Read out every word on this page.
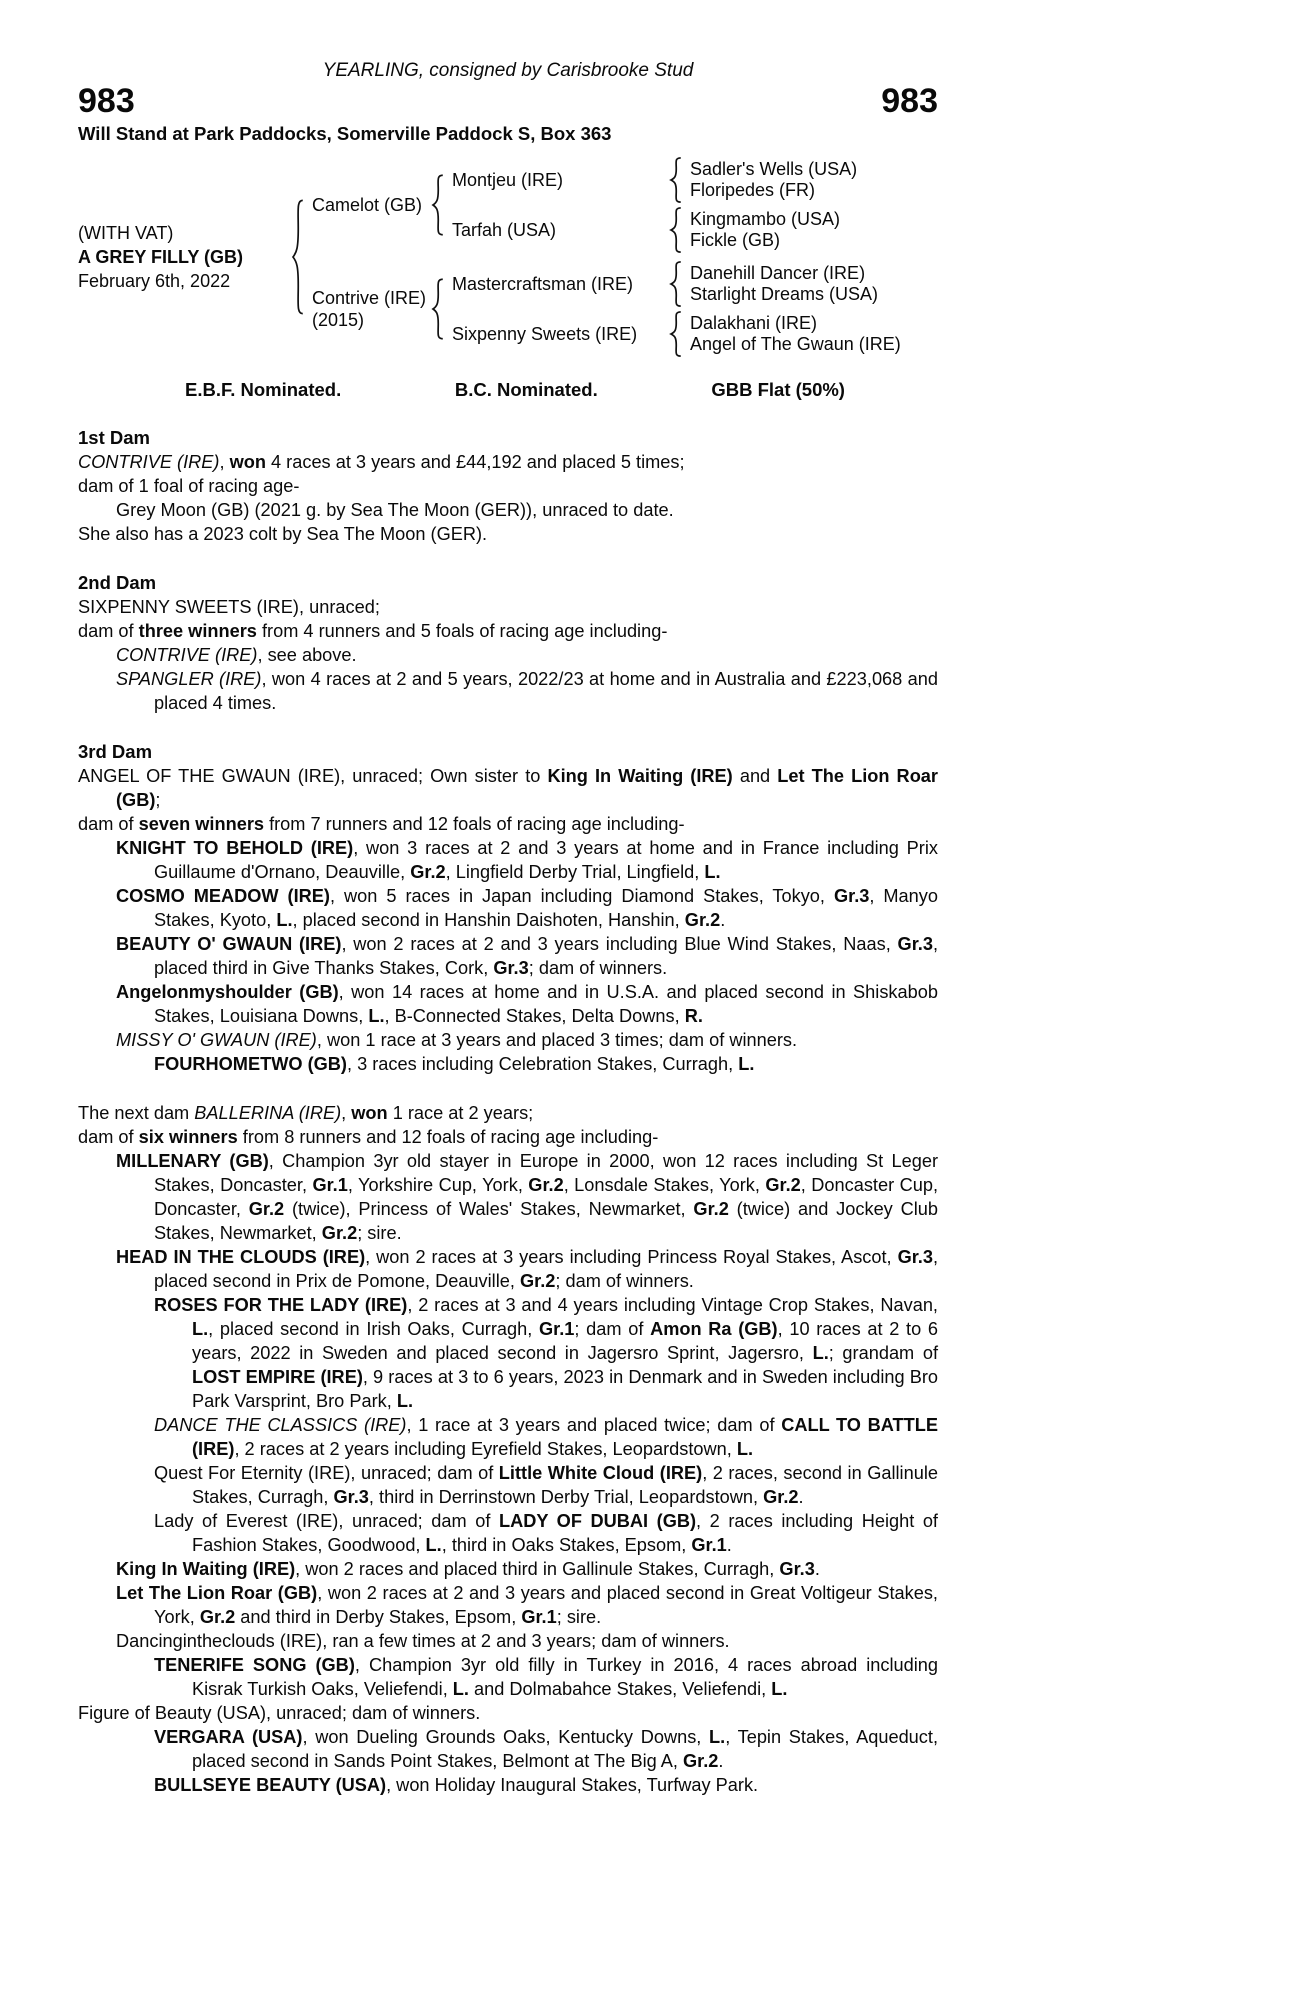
YEARLING, consigned by Carisbrooke Stud
983	983
Will Stand at Park Paddocks, Somerville Paddock S, Box 363
(WITH VAT)
A GREY FILLY (GB)
February 6th, 2022
Camelot (GB)
Montjeu (IRE)
Sadler's Wells (USA)
Floripedes (FR)
Tarfah (USA)
Kingmambo (USA)
Fickle (GB)
Contrive (IRE)
(2015)
Mastercraftsman (IRE)
Danehill Dancer (IRE)
Starlight Dreams (USA)
Sixpenny Sweets (IRE)
Dalakhani (IRE)
Angel of The Gwaun (IRE)
E.B.F. Nominated.	B.C. Nominated.	GBB Flat (50%)
1st Dam

CONTRIVE (IRE), won 4 races at 3 years and £44,192 and placed 5 times;

dam of 1 foal of racing age-

Grey Moon (GB) (2021 g. by Sea The Moon (GER)), unraced to date.

She also has a 2023 colt by Sea The Moon (GER).

2nd Dam

SIXPENNY SWEETS (IRE), unraced;

dam of three winners from 4 runners and 5 foals of racing age including-

CONTRIVE (IRE), see above.

SPANGLER (IRE), won 4 races at 2 and 5 years, 2022/23 at home and in Australia and £223,068 and placed 4 times.

3rd Dam

ANGEL OF THE GWAUN (IRE), unraced; Own sister to King In Waiting (IRE) and Let The Lion Roar (GB);

dam of seven winners from 7 runners and 12 foals of racing age including-

KNIGHT TO BEHOLD (IRE), won 3 races at 2 and 3 years at home and in France including Prix Guillaume d'Ornano, Deauville, Gr.2, Lingfield Derby Trial, Lingfield, L.

COSMO MEADOW (IRE), won 5 races in Japan including Diamond Stakes, Tokyo, Gr.3, Manyo Stakes, Kyoto, L., placed second in Hanshin Daishoten, Hanshin, Gr.2.

BEAUTY O' GWAUN (IRE), won 2 races at 2 and 3 years including Blue Wind Stakes, Naas, Gr.3, placed third in Give Thanks Stakes, Cork, Gr.3; dam of winners.

Angelonmyshoulder (GB), won 14 races at home and in U.S.A. and placed second in Shiskabob Stakes, Louisiana Downs, L., B-Connected Stakes, Delta Downs, R.

MISSY O' GWAUN (IRE), won 1 race at 3 years and placed 3 times; dam of winners.

FOURHOMETWO (GB), 3 races including Celebration Stakes, Curragh, L.

The next dam BALLERINA (IRE), won 1 race at 2 years;

dam of six winners from 8 runners and 12 foals of racing age including-

MILLENARY (GB), Champion 3yr old stayer in Europe in 2000, won 12 races including St Leger Stakes, Doncaster, Gr.1, Yorkshire Cup, York, Gr.2, Lonsdale Stakes, York, Gr.2, Doncaster Cup, Doncaster, Gr.2 (twice), Princess of Wales' Stakes, Newmarket, Gr.2 (twice) and Jockey Club Stakes, Newmarket, Gr.2; sire.

HEAD IN THE CLOUDS (IRE), won 2 races at 3 years including Princess Royal Stakes, Ascot, Gr.3, placed second in Prix de Pomone, Deauville, Gr.2; dam of winners.

ROSES FOR THE LADY (IRE), 2 races at 3 and 4 years including Vintage Crop Stakes, Navan, L., placed second in Irish Oaks, Curragh, Gr.1; dam of Amon Ra (GB), 10 races at 2 to 6 years, 2022 in Sweden and placed second in Jagersro Sprint, Jagersro, L.; grandam of LOST EMPIRE (IRE), 9 races at 3 to 6 years, 2023 in Denmark and in Sweden including Bro Park Varsprint, Bro Park, L.

DANCE THE CLASSICS (IRE), 1 race at 3 years and placed twice; dam of CALL TO BATTLE (IRE), 2 races at 2 years including Eyrefield Stakes, Leopardstown, L.

Quest For Eternity (IRE), unraced; dam of Little White Cloud (IRE), 2 races, second in Gallinule Stakes, Curragh, Gr.3, third in Derrinstown Derby Trial, Leopardstown, Gr.2.

Lady of Everest (IRE), unraced; dam of LADY OF DUBAI (GB), 2 races including Height of Fashion Stakes, Goodwood, L., third in Oaks Stakes, Epsom, Gr.1.

King In Waiting (IRE), won 2 races and placed third in Gallinule Stakes, Curragh, Gr.3.

Let The Lion Roar (GB), won 2 races at 2 and 3 years and placed second in Great Voltigeur Stakes, York, Gr.2 and third in Derby Stakes, Epsom, Gr.1; sire.

Dancingintheclouds (IRE), ran a few times at 2 and 3 years; dam of winners.

TENERIFE SONG (GB), Champion 3yr old filly in Turkey in 2016, 4 races abroad including Kisrak Turkish Oaks, Veliefendi, L. and Dolmabahce Stakes, Veliefendi, L.

Figure of Beauty (USA), unraced; dam of winners.

VERGARA (USA), won Dueling Grounds Oaks, Kentucky Downs, L., Tepin Stakes, Aqueduct, placed second in Sands Point Stakes, Belmont at The Big A, Gr.2.

BULLSEYE BEAUTY (USA), won Holiday Inaugural Stakes, Turfway Park.
